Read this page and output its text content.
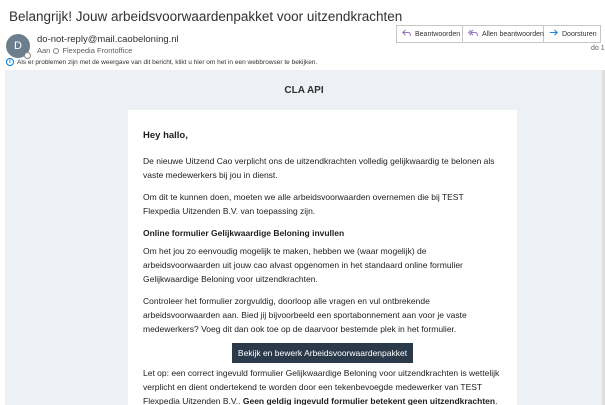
Belangrijk! Jouw arbeidsvoorwaardenpakket voor uitzendkrachten
D
do-not-reply@mail.caobeloning.nl
Aan Flexpedia Frontoffice
Beantwoorden	Allen beantwoorden	Doorsturen
do 1
i Als er problemen zijn met de weergave van dit bericht, klikt u hier om het in een webbrowser te bekijken.
CLA API

Hey hallo,

De nieuwe Uitzend Cao verplicht ons de uitzendkrachten volledig gelijkwaardig te belonen als vaste medewerkers bij jou in dienst.

Om dit te kunnen doen, moeten we alle arbeidsvoorwaarden overnemen die bij TEST Flexpedia Uitzenden B.V. van toepassing zijn.

Online formulier Gelijkwaardige Beloning invullen

Om het jou zo eenvoudig mogelijk te maken, hebben we (waar mogelijk) de arbeidsvoorwaarden uit jouw cao alvast opgenomen in het standaard online formulier Gelijkwaardige Beloning voor uitzendkrachten.

Controleer het formulier zorgvuldig, doorloop alle vragen en vul ontbrekende arbeidsvoorwaarden aan. Bied jij bijvoorbeeld een sportabonnement aan voor je vaste medewerkers? Voeg dit dan ook toe op de daarvoor bestemde plek in het formulier.

Bekijk en bewerk Arbeidsvoorwaardenpakket

Let op: een correct ingevuld formulier Gelijkwaardige Beloning voor uitzendkrachten is wettelijk verplicht en dient ondertekend te worden door een tekenbevoegde medewerker van TEST Flexpedia Uitzenden B.V.. Geen geldig ingevuld formulier betekent geen uitzendkrachten.
